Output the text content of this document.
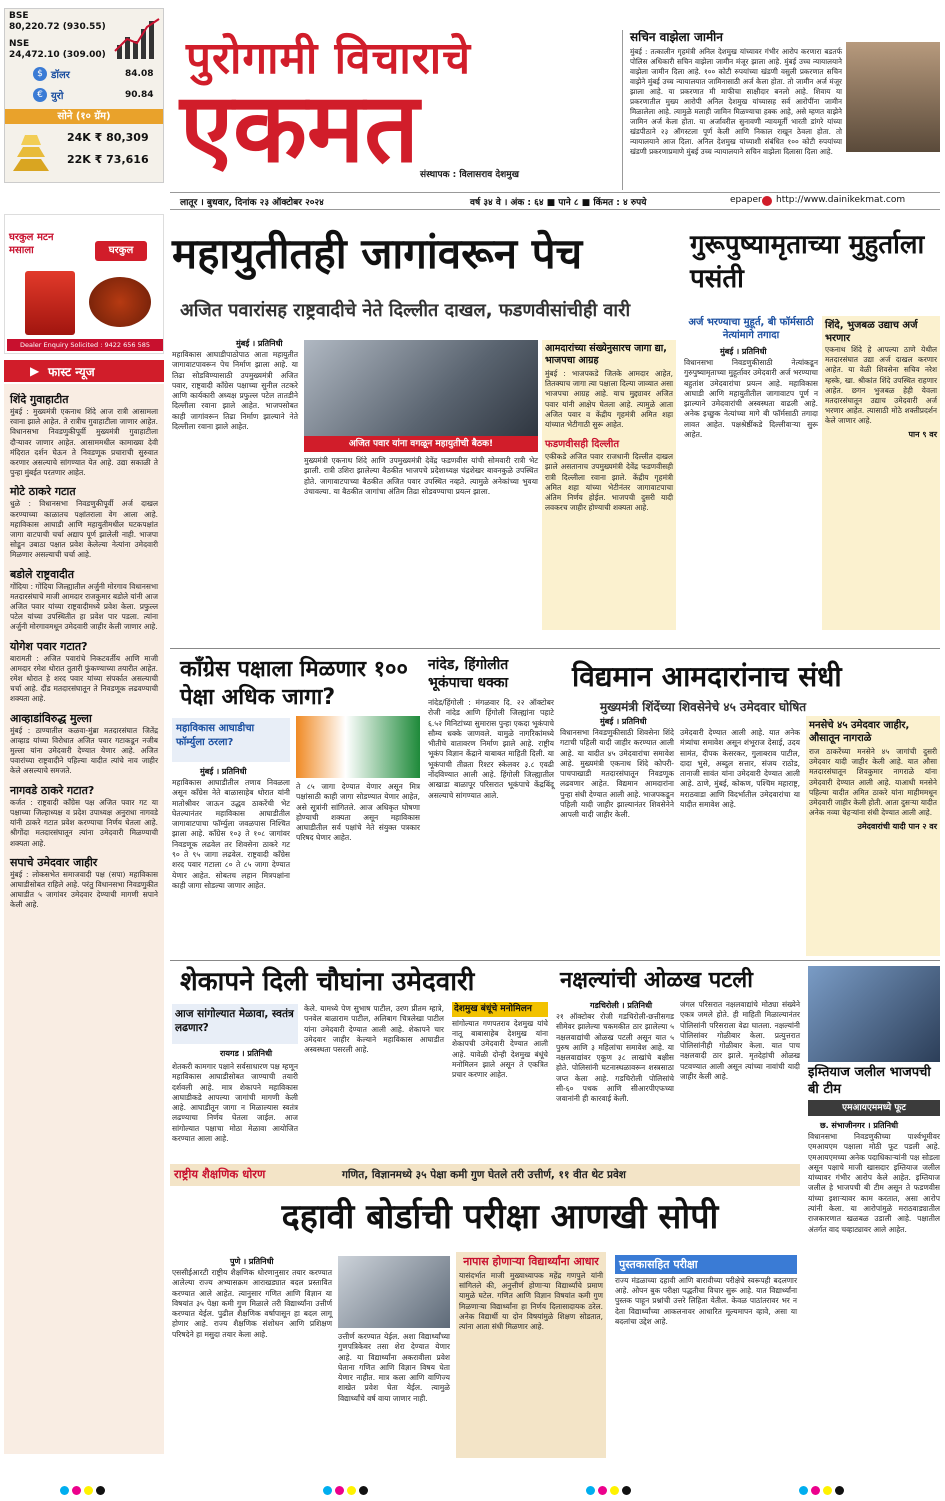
BSE
80,220.72 (930.55)
NSE
24,472.10 (309.00)
$ डॉलर	84.08
€ युरो	90.84
सोने (१० ग्रॅम)
24K ₹ 80,309
22K ₹ 73,616
पुरोगामी विचाराचे
एकमत संस्थापक : विलासराव देशमुख
सचिन वाझेला जामीन
मुंबई : तत्कालीन गृहमंत्री अनिल देशमुख यांच्यावर गंभीर आरोप करणारा बडतर्फ पोलिस अधिकारी सचिन वाझेला जामीन मंजूर झाला आहे. मुंबई उच्च न्यायालयाने वाझेला जामीन दिला आहे. १०० कोटी रुपयांच्या खंडणी वसुली प्रकरणात सचिन वाझेने मुंबई उच्च न्यायालयात जामिनासाठी अर्ज केला होता. तो जामीन अर्ज मंजूर झाला आहे. या प्रकरणात मी माफीचा साक्षीदार बनलो आहे. शिवाय या प्रकरणातील मुख्य आरोपी अनिल देशमुख यांच्यासह सर्व आरोपींना जामीन मिळालेला आहे. त्यामुळे मलाही जामिन मिळण्याचा हक्क आहे, असे म्हणत वाझेने जामिन अर्ज केला होता. या अर्जावरील सुनावणी न्यायमूर्ती भारती डांगरे यांच्या खंडपीठाने २३ ऑगस्टला पूर्ण केली आणि निकाल राखून ठेवला होता. तो न्यायालयाने आज दिला. अनिल देशमुख यांच्याशी संबंधित १०० कोटी रुपयांच्या खंडणी प्रकरणाप्रमाणे मुंबई उच्च न्यायालयाने सचिन वाझेला दिलासा दिला आहे.
लातूर । बुधवार, दिनांक २३ ऑक्टोबर २०२४	वर्ष ३४ वे । अंक : ६४ ■ पाने ८ ■ किंमत : ४ रुपये	epaper http://www.dainikekmat.com
घरकुल मटन मसाला	घरकुल
Dealer Enquiry Solicited : 9422 656 585
▶ फास्ट न्यूज
शिंदे गुवाहाटीत
मुंबई : मुख्यमंत्री एकनाथ शिंदे आज रात्री आसामला रवाना झाले आहेत. ते रात्रीच गुवाहाटीला जाणार आहेत. विधानसभा निवडणुकीपूर्वी मुख्यमंत्री गुवाहाटीला दौऱ्यावर जाणार आहेत. आसाममधील कामाख्या देवी मंदिरात दर्शन घेऊन ते निवडणूक प्रचाराची सुरुवात करणार असल्याचे सांगण्यात येत आहे. उद्या सकाळी ते पुन्हा मुंबईत परतणार आहेत.
मोटे ठाकरे गटात
धुळे : विधानसभा निवडणुकीपूर्वी अर्ज दाखल करण्याच्या काळातच पक्षांतराला वेग आला आहे. महाविकास आघाडी आणि महायुतीमधील घटकपक्षांत जागा वाटपाची चर्चा अद्याप पूर्ण झालेली नाही. भाजपा सोडून उबाठा पक्षात प्रवेश केलेल्या नेत्यांना उमेदवारी मिळणार असल्याची चर्चा आहे.
बडोले राष्ट्रवादीत
गोंदिया : गोंदिया जिल्ह्यातील अर्जुनी मोरगाव विधानसभा मतदारसंघाचे माजी आमदार राजकुमार बडोले यांनी आज अजित पवार यांच्या राष्ट्रवादीमध्ये प्रवेश केला. प्रफुल्ल पटेल यांच्या उपस्थितीत हा प्रवेश पार पडला. त्यांना अर्जुनी मोरगावमधून उमेदवारी जाहीर केली जाणार आहे.
योगेश पवार गटात?
बारामती : अजित पवारांचे निकटवर्तीय आणि माजी आमदार रमेश थोरात तुतारी फुंकण्याच्या तयारीत आहेत. रमेश थोरात हे शरद पवार यांच्या संपर्कात असल्याची चर्चा आहे. दौंड मतदारसंघातून ते निवडणूक लढवण्याची शक्यता आहे.
आव्हाडांविरुद्ध मुल्ला
मुंबई : ठाण्यातील कळवा-मुंब्रा मतदारसंघात जितेंद्र आव्हाड यांच्या विरोधात अजित पवार गटाकडून नजीब मुल्ला यांना उमेदवारी देण्यात येणार आहे. अजित पवारांच्या राष्ट्रवादीने पहिल्या यादीत त्यांचे नाव जाहीर केले असल्याचे समजते.
नागवडे ठाकरे गटात?
कर्जत : राष्ट्रवादी काँग्रेस पक्ष अजित पवार गट या पक्षाच्या जिल्हाध्यक्ष व प्रदेश उपाध्यक्ष अनुराधा नागवडे यांनी ठाकरे गटात प्रवेश करण्याचा निर्णय घेतला आहे. श्रीगोंदा मतदारसंघातून त्यांना उमेदवारी मिळण्याची शक्यता आहे.
सपाचे उमेदवार जाहीर
मुंबई : लोकसभेत समाजवादी पक्ष (सपा) महाविकास आघाडीसोबत राहिले आहे. परंतु विधानसभा निवडणुकीत आघाडीत ५ जागांवर उमेदवार देण्याची मागणी सपाने केली आहे.
महायुतीतही जागांवरून पेच
अजित पवारांसह राष्ट्रवादीचे नेते दिल्लीत दाखल, फडणवीसांचीही वारी
मुंबई । प्रतिनिधी
महाविकास आघाडीपाठोपाठ आता महायुतीत जागावाटपावरून पेच निर्माण झाला आहे. या तिढा सोडविण्यासाठी उपमुख्यमंत्री अजित पवार, राष्ट्रवादी काँग्रेस पक्षाच्या सुनील तटकरे आणि कार्यकारी अध्यक्ष प्रफुल्ल पटेल तातडीने दिल्लीला रवाना झाले आहेत. भाजपसोबत काही जागांवरून तिढा निर्माण झाल्याने नेते दिल्लीला रवाना झाले आहेत.
अजित पवार यांना वगळून महायुतीची बैठक!
मुख्यमंत्री एकनाथ शिंदे आणि उपमुख्यमंत्री देवेंद्र फडणवीस यांची सोमवारी रात्री भेट झाली. रात्री उशिरा झालेल्या बैठकीत भाजपचे प्रदेशाध्यक्ष चंद्रशेखर बावनकुळे उपस्थित होते. जागावाटपाच्या बैठकीत अजित पवार उपस्थित नव्हते. त्यामुळे अनेकांच्या भुवया उंचावल्या. या बैठकीत जागांचा अंतिम तिढा सोडवण्याचा प्रयत्न झाला.
आमदारांच्या संख्येनुसारच जागा द्या, भाजपचा आग्रह
मुंबई : भाजपकडे जितके आमदार आहेत, तितक्याच जागा त्या पक्षाला दिल्या जाव्यात असा भाजपचा आग्रह आहे. याच मुद्द्यावर अजित पवार यांनी आक्षेप घेतला आहे. त्यामुळे आता अजित पवार व केंद्रीय गृहमंत्री अमित शहा यांच्यात भेटीगाठी सुरू आहेत.
फडणवीसही दिल्लीत
एकीकडे अजित पवार राजधानी दिल्लीत दाखल झाले असतानाच उपमुख्यमंत्री देवेंद्र फडणवीसही रात्री दिल्लीला रवाना झाले. केंद्रीय गृहमंत्री अमित शहा यांच्या भेटीनंतर जागावाटपाचा अंतिम निर्णय होईल. भाजपची दुसरी यादी लवकरच जाहीर होण्याची शक्यता आहे.
गुरूपुष्यामृताच्या मुहुर्ताला पसंती
अर्ज भरण्याचा मुहूर्त, बी फॉर्मसाठी नेत्यांमागे तगादा
मुंबई । प्रतिनिधी
विधानसभा निवडणुकीसाठी नेत्यांकडून गुरुपुष्यामृताच्या मुहूर्तावर उमेदवारी अर्ज भरण्याचा बहुतांश उमेदवारांचा प्रयत्न आहे. महाविकास आघाडी आणि महायुतीतील जागावाटप पूर्ण न झाल्याने उमेदवारांची अस्वस्थता वाढली आहे. अनेक इच्छुक नेत्यांच्या मागे बी फॉर्मसाठी तगादा लावत आहेत. पक्षश्रेष्ठींकडे दिल्लीवाऱ्या सुरू आहेत.
शिंदे, भुजबळ उद्याच अर्ज भरणार
एकनाथ शिंदे हे आपल्या ठाणे येथील मतदारसंघात उद्या अर्ज दाखल करणार आहेत. या वेळी शिवसेना सचिव नरेश म्हस्के, खा. श्रीकांत शिंदे उपस्थित राहणार आहेत. छगन भुजबळ हेही येवला मतदारसंघातून उद्याच उमेदवारी अर्ज भरणार आहेत. त्यासाठी मोठे शक्तीप्रदर्शन केले जाणार आहे.
पान ९ वर
काँग्रेस पक्षाला मिळणार १०० पेक्षा अधिक जागा?
महाविकास आघाडीचा फॉर्म्युला ठरला?
मुंबई । प्रतिनिधी
महाविकास आघाडीतील तणाव निवळला असून काँग्रेस नेते बाळासाहेब थोरात यांनी मातोश्रीवर जाऊन उद्धव ठाकरेंची भेट घेतल्यानंतर महाविकास आघाडीतील जागावाटपाचा फॉर्म्युला जवळपास निश्चित झाला आहे. काँग्रेस १०३ ते १०८ जागांवर निवडणूक लढवेल तर शिवसेना ठाकरे गट ९० ते ९५ जागा लढवेल. राष्ट्रवादी काँग्रेस शरद पवार गटाला ८० ते ८५ जागा देण्यात येणार आहेत. सोबतच लहान मित्रपक्षांना काही जागा सोडल्या जाणार आहेत.
ते ८५ जागा देण्यात येणार असून मित्र पक्षांसाठी काही जागा सोडण्यात येणार आहेत, असे सूत्रांनी सांगितले. आज अधिकृत घोषणा होण्याची शक्यता असून महाविकास आघाडीतील सर्व पक्षांचे नेते संयुक्त पत्रकार परिषद घेणार आहेत.
नांदेड, हिंगोलीत भूकंपाचा धक्का
नांदेड/हिंगोली : मंगळवार दि. २२ ऑक्टोबर रोजी नांदेड आणि हिंगोली जिल्ह्यांना पहाटे ६.५२ मिनिटांच्या सुमारास पुन्हा एकदा भूकंपाचे सौम्य धक्के जाणवले. यामुळे नागरिकांमध्ये भीतीचे वातावरण निर्माण झाले आहे. राष्ट्रीय भूकंप विज्ञान केंद्राने याबाबत माहिती दिली. या भूकंपाची तीव्रता रिश्टर स्केलवर ३.८ एवढी नोंदविण्यात आली आहे. हिंगोली जिल्ह्यातील आखाडा बाळापूर परिसरात भूकंपाचे केंद्रबिंदू असल्याचे सांगण्यात आले.
विद्यमान आमदारांनाच संधी
मुख्यमंत्री शिंदेंच्या शिवसेनेचे ४५ उमेदवार घोषित
मुंबई । प्रतिनिधी
विधानसभा निवडणुकीसाठी शिवसेना शिंदे गटाची पहिली यादी जाहीर करण्यात आली आहे. या यादीत ४५ उमेदवारांचा समावेश आहे. मुख्यमंत्री एकनाथ शिंदे कोपरी-पाचपाखाडी मतदारसंघातून निवडणूक लढवणार आहेत. विद्यमान आमदारांना पुन्हा संधी देण्यात आली आहे. भाजपकडून पहिली यादी जाहीर झाल्यानंतर शिवसेनेने आपली यादी जाहीर केली.
उमेदवारी देण्यात आली आहे. यात अनेक मंत्र्यांचा समावेश असून शंभूराज देसाई, उदय सामंत, दीपक केसरकर, गुलाबराव पाटील, दादा भुसे, अब्दुल सत्तार, संजय राठोड, तानाजी सावंत यांना उमेदवारी देण्यात आली आहे. ठाणे, मुंबई, कोकण, पश्चिम महाराष्ट्र, मराठवाडा आणि विदर्भातील उमेदवारांचा या यादीत समावेश आहे.
मनसेचे ४५ उमेदवार जाहीर, औसातून नागराळे
राज ठाकरेंच्या मनसेने ४५ जागांची दुसरी उमेदवार यादी जाहीर केली आहे. यात औसा मतदारसंघातून शिवकुमार नागराळे यांना उमेदवारी देण्यात आली आहे. याआधी मनसेने पहिल्या यादीत अमित ठाकरे यांना माहीममधून उमेदवारी जाहीर केली होती. आता दुसऱ्या यादीत अनेक नव्या चेहऱ्यांना संधी देण्यात आली आहे.
उमेदवारांची यादी पान २ वर
शेकापने दिली चौघांना उमेदवारी
आज सांगोल्यात मेळावा, स्वतंत्र लढणार?
रायगड । प्रतिनिधी
शेतकरी कामगार पक्षाने सर्वसाधारण पक्ष म्हणून महाविकास आघाडीसोबत जाण्याची तयारी दर्शवली आहे. मात्र शेकापने महाविकास आघाडीकडे आपल्या जागांची मागणी केली आहे. आघाडीतून जागा न मिळाल्यास स्वतंत्र लढण्याचा निर्णय घेतला जाईल. आज सांगोल्यात पक्षाचा मोठा मेळावा आयोजित करण्यात आला आहे.
केले. यामध्ये पेण सुभाष पाटील, उरण प्रीतम म्हात्रे, पनवेल बाळाराम पाटील, अलिबाग चित्रलेखा पाटील यांना उमेदवारी देण्यात आली आहे. शेकापने चार उमेदवार जाहीर केल्याने महाविकास आघाडीत अस्वस्थता पसरली आहे.
देशमुख बंधूंचे मनोमिलन
सांगोल्यात गणपतराव देशमुख यांचे नातू बाबासाहेब देशमुख यांना शेकापची उमेदवारी देण्यात आली आहे. यावेळी दोन्ही देशमुख बंधूंचे मनोमिलन झाले असून ते एकत्रित प्रचार करणार आहेत.
नक्षल्यांची ओळख पटली
गडचिरोली । प्रतिनिधी
२१ ऑक्टोबर रोजी गडचिरोली-छत्तीसगड सीमेवर झालेल्या चकमकीत ठार झालेल्या ५ नक्षलवाद्यांची ओळख पटली असून यात ५ पुरुष आणि ३ महिलांचा समावेश आहे. या नक्षलवाद्यांवर एकूण ३८ लाखांचे बक्षीस होते. पोलिसांनी घटनास्थळावरून शस्त्रसाठा जप्त केला आहे. गडचिरोली पोलिसांचे सी-६० पथक आणि सीआरपीएफच्या जवानांनी ही कारवाई केली.
जंगल परिसरात नक्षलवाद्यांचे मोठ्या संख्येने एकत्र जमले होते. ही माहिती मिळाल्यानंतर पोलिसांनी परिसराला वेढा घातला. नक्षल्यांनी पोलिसांवर गोळीबार केला. प्रत्युत्तरात पोलिसांनीही गोळीबार केला. यात पाच नक्षलवादी ठार झाले. मृतदेहांची ओळख पटवण्यात आली असून त्यांच्या नावांची यादी जाहीर केली आहे.	इम्तियाज जलील भाजपची बी टीम
एमआयएममध्ये फूट
छ. संभाजीनगर । प्रतिनिधी
विधानसभा निवडणुकीच्या पार्श्वभूमीवर एमआयएम पक्षाला मोठी फूट पडली आहे. एमआयएमच्या अनेक पदाधिकाऱ्यांनी पक्ष सोडला असून पक्षाचे माजी खासदार इम्तियाज जलील यांच्यावर गंभीर आरोप केले आहेत. इम्तियाज जलील हे भाजपची बी टीम असून ते फडणवीस यांच्या इशाऱ्यावर काम करतात, असा आरोप त्यांनी केला. या आरोपांमुळे मराठवाड्यातील राजकारणात खळबळ उडाली आहे. पक्षातील अंतर्गत वाद चव्हाट्यावर आले आहेत.
राष्ट्रीय शैक्षणिक धोरण	गणित, विज्ञानमध्ये ३५ पेक्षा कमी गुण घेतले तरी उत्तीर्ण, ११ वीत थेट प्रवेश
दहावी बोर्डाची परीक्षा आणखी सोपी
पुणे । प्रतिनिधी
एससीईआरटी राष्ट्रीय शैक्षणिक धोरणानुसार तयार करण्यात आलेल्या राज्य अभ्यासक्रम आराखड्यात बदल प्रस्तावित करण्यात आले आहेत. त्यानुसार गणित आणि विज्ञान या विषयांत ३५ पेक्षा कमी गुण मिळाले तरी विद्यार्थ्यांना उत्तीर्ण करण्यात येईल. पुढील शैक्षणिक वर्षापासून हा बदल लागू होणार आहे. राज्य शैक्षणिक संशोधन आणि प्रशिक्षण परिषदेने हा मसुदा तयार केला आहे.	उत्तीर्ण करण्यात येईल. अशा विद्यार्थ्यांच्या गुणपत्रिकेवर तसा शेरा देण्यात येणार आहे. या विद्यार्थ्यांना अकरावीला प्रवेश घेताना गणित आणि विज्ञान विषय घेता येणार नाहीत. मात्र कला आणि वाणिज्य शाखेत प्रवेश घेता येईल. त्यामुळे विद्यार्थ्यांचे वर्ष वाया जाणार नाही.
नापास होणाऱ्या विद्यार्थ्यांना आधार
यासंदर्भात माजी मुख्याध्यापक महेंद्र गणपुले यांनी सांगितले की, अनुत्तीर्ण होणाऱ्या विद्यार्थ्यांचे प्रमाण यामुळे घटेल. गणित आणि विज्ञान विषयांत कमी गुण मिळणाऱ्या विद्यार्थ्यांना हा निर्णय दिलासादायक ठरेल. अनेक विद्यार्थी या दोन विषयांमुळे शिक्षण सोडतात, त्यांना आता संधी मिळणार आहे.
पुस्तकासहित परीक्षा
राज्य मंडळाच्या दहावी आणि बारावीच्या परीक्षेचे स्वरूपही बदलणार आहे. ओपन बुक परीक्षा पद्धतीचा विचार सुरू आहे. यात विद्यार्थ्यांना पुस्तक पाहून प्रश्नांची उत्तरे लिहिता येतील. केवळ पाठांतरावर भर न देता विद्यार्थ्यांच्या आकलनावर आधारित मूल्यमापन व्हावे, असा या बदलांचा उद्देश आहे.
